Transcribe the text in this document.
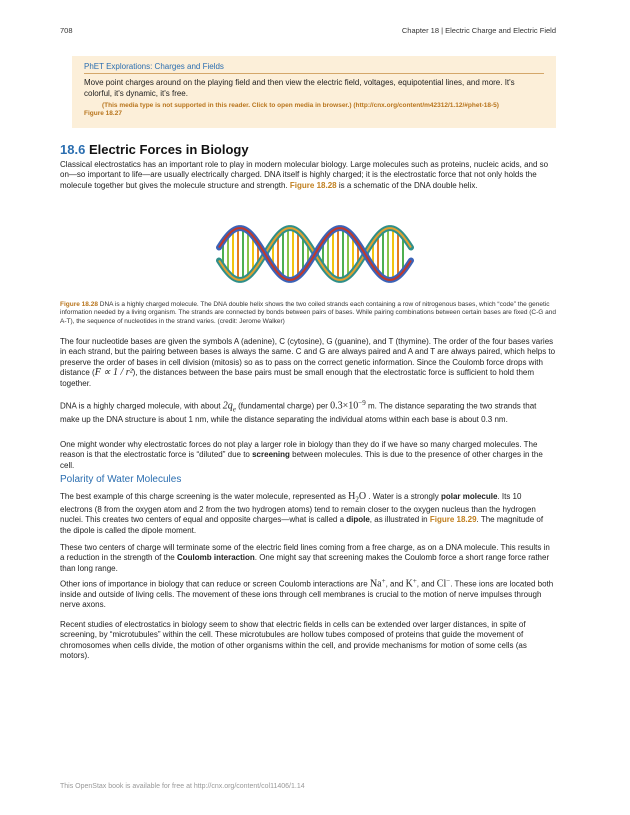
708	Chapter 18 | Electric Charge and Electric Field
PhET Explorations: Charges and Fields
Move point charges around on the playing field and then view the electric field, voltages, equipotential lines, and more. It's colorful, it's dynamic, it's free.
(This media type is not supported in this reader. Click to open media in browser.) (http://cnx.org/content/m42312/1.12/#phet-18-5)
Figure 18.27
18.6 Electric Forces in Biology
Classical electrostatics has an important role to play in modern molecular biology. Large molecules such as proteins, nucleic acids, and so on—so important to life—are usually electrically charged. DNA itself is highly charged; it is the electrostatic force that not only holds the molecule together but gives the molecule structure and strength. Figure 18.28 is a schematic of the DNA double helix.
Figure 18.28 DNA is a highly charged molecule. The DNA double helix shows the two coiled strands each containing a row of nitrogenous bases, which “code” the genetic information needed by a living organism. The strands are connected by bonds between pairs of bases. While pairing combinations between certain bases are fixed (C-G and A-T), the sequence of nucleotides in the strand varies. (credit: Jerome Walker)
The four nucleotide bases are given the symbols A (adenine), C (cytosine), G (guanine), and T (thymine). The order of the four bases varies in each strand, but the pairing between bases is always the same. C and G are always paired and A and T are always paired, which helps to preserve the order of bases in cell division (mitosis) so as to pass on the correct genetic information. Since the Coulomb force drops with distance (F ∝ 1 / r²), the distances between the base pairs must be small enough that the electrostatic force is sufficient to hold them together.
DNA is a highly charged molecule, with about $2q_e$ (fundamental charge) per $0.3\times 10^{-9}$ m. The distance separating the two strands that make up the DNA structure is about 1 nm, while the distance separating the individual atoms within each base is about 0.3 nm.
One might wonder why electrostatic forces do not play a larger role in biology than they do if we have so many charged molecules. The reason is that the electrostatic force is “diluted” due to screening between molecules. This is due to the presence of other charges in the cell.
Polarity of Water Molecules
The best example of this charge screening is the water molecule, represented as $H_2O$ . Water is a strongly polar molecule. Its 10 electrons (8 from the oxygen atom and 2 from the two hydrogen atoms) tend to remain closer to the oxygen nucleus than the hydrogen nuclei. This creates two centers of equal and opposite charges—what is called a dipole, as illustrated in Figure 18.29. The magnitude of the dipole is called the dipole moment.
These two centers of charge will terminate some of the electric field lines coming from a free charge, as on a DNA molecule. This results in a reduction in the strength of the Coulomb interaction. One might say that screening makes the Coulomb force a short range force rather than long range.
Other ions of importance in biology that can reduce or screen Coulomb interactions are Na+, and K+, and Cl−. These ions are located both inside and outside of living cells. The movement of these ions through cell membranes is crucial to the motion of nerve impulses through nerve axons.
Recent studies of electrostatics in biology seem to show that electric fields in cells can be extended over larger distances, in spite of screening, by “microtubules” within the cell. These microtubules are hollow tubes composed of proteins that guide the movement of chromosomes when cells divide, the motion of other organisms within the cell, and provide mechanisms for motion of some cells (as motors).
This OpenStax book is available for free at http://cnx.org/content/col11406/1.14
